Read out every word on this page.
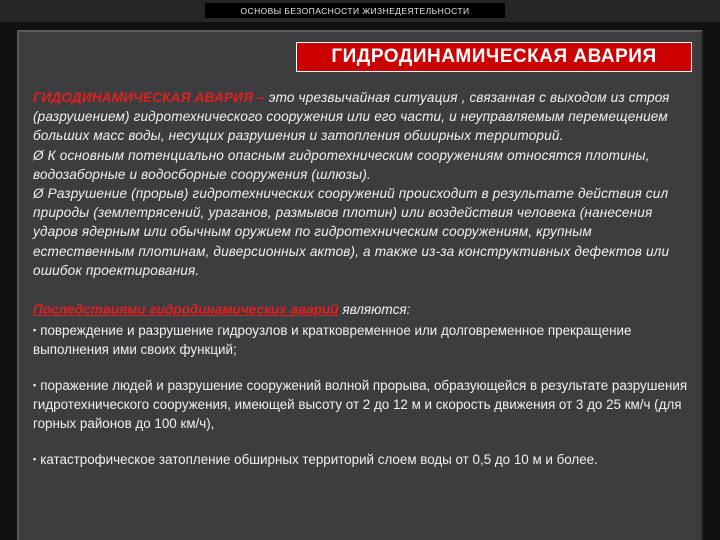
ОСНОВЫ БЕЗОПАСНОСТИ ЖИЗНЕДЕЯТЕЛЬНОСТИ
ГИДРОДИНАМИЧЕСКАЯ АВАРИЯ

ГИДОДИНАМИЧЕСКАЯ АВАРИЯ – это чрезвычайная ситуация , связанная с выходом из строя (разрушением) гидротехнического сооружения или его части, и неуправляемым перемещением больших масс воды, несущих разрушения и затопления обширных территорий.
Ø К основным потенциально опасным гидротехническим сооружениям относятся плотины, водозаборные и водосборные сооружения (шлюзы).
Ø Разрушение (прорыв) гидротехнических сооружений происходит в результате действия сил природы (землетрясений, ураганов, размывов плотин) или воздействия человека (нанесения ударов ядерным или обычным оружием по гидротехническим сооружениям, крупным естественным плотинам, диверсионных актов), а также из-за конструктивных дефектов или ошибок проектирования.

Последствиями гидродинамических аварий являются:

▪ повреждение и разрушение гидроузлов и кратковременное или долговременное прекращение выполнения ими своих функций;

▪ поражение людей и разрушение сооружений волной прорыва, образующейся в результате разрушения гидротехнического сооружения, имеющей высоту от 2 до 12 м и скорость движения от 3 до 25 км/ч (для горных районов до 100 км/ч),

▪ катастрофическое затопление обширных территорий слоем воды от 0,5 до 10 м и более.
